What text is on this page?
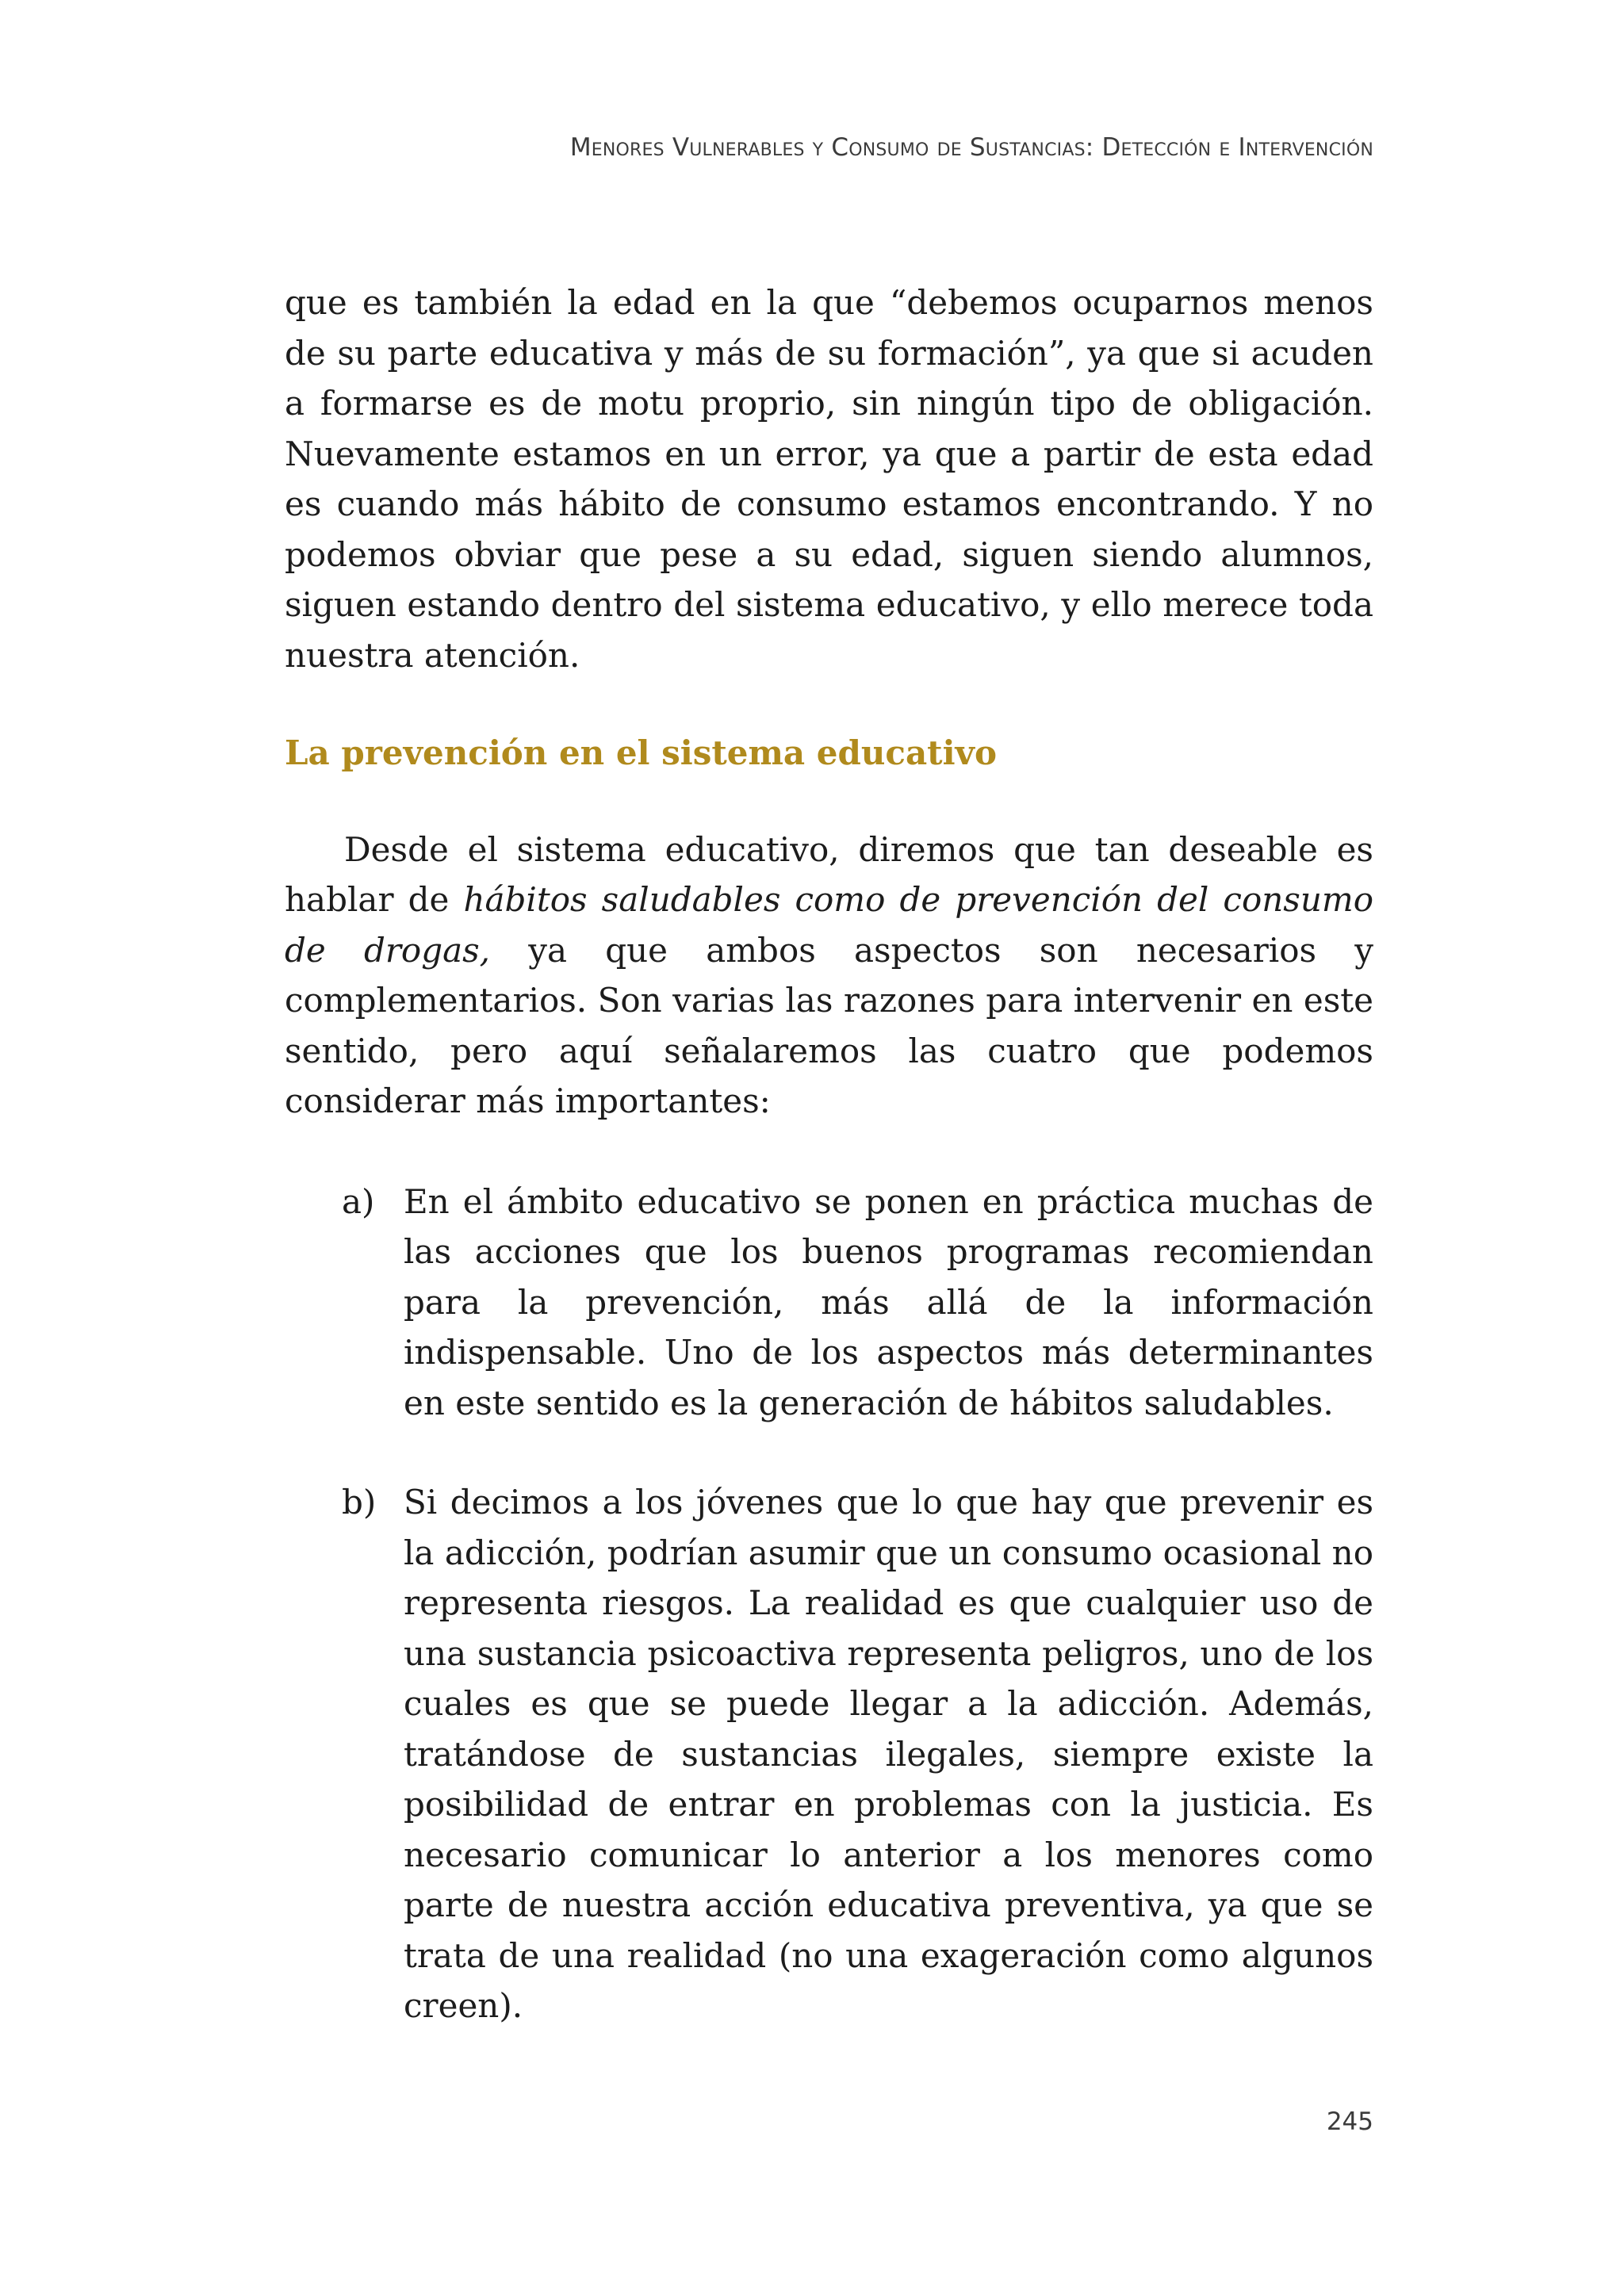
Menores Vulnerables y Consumo de Sustancias: Detección e Intervención

que es también la edad en la que “debemos ocuparnos menos de su parte educativa y más de su formación”, ya que si acuden a formarse es de motu proprio, sin ningún tipo de obligación. Nuevamente estamos en un error, ya que a partir de esta edad es cuando más hábito de consumo estamos encontrando. Y no podemos obviar que pese a su edad, siguen siendo alumnos, siguen estando dentro del sistema educativo, y ello merece toda nuestra atención.

La prevención en el sistema educativo

Desde el sistema educativo, diremos que tan deseable es hablar de hábitos saludables como de prevención del consumo de drogas, ya que ambos aspectos son necesarios y complementarios. Son varias las razones para intervenir en este sentido, pero aquí señalaremos las cuatro que podemos considerar más importantes:

a) En el ámbito educativo se ponen en práctica muchas de las acciones que los buenos programas recomiendan para la prevención, más allá de la información indispensable. Uno de los aspectos más determinantes en este sentido es la generación de hábitos saludables.
b) Si decimos a los jóvenes que lo que hay que prevenir es la adicción, podrían asumir que un consumo ocasional no representa riesgos. La realidad es que cualquier uso de una sustancia psicoactiva representa peligros, uno de los cuales es que se puede llegar a la adicción. Además, tratándose de sustancias ilegales, siempre existe la posibilidad de entrar en problemas con la justicia. Es necesario comunicar lo anterior a los menores como parte de nuestra acción educativa preventiva, ya que se trata de una realidad (no una exageración como algunos creen).
245
